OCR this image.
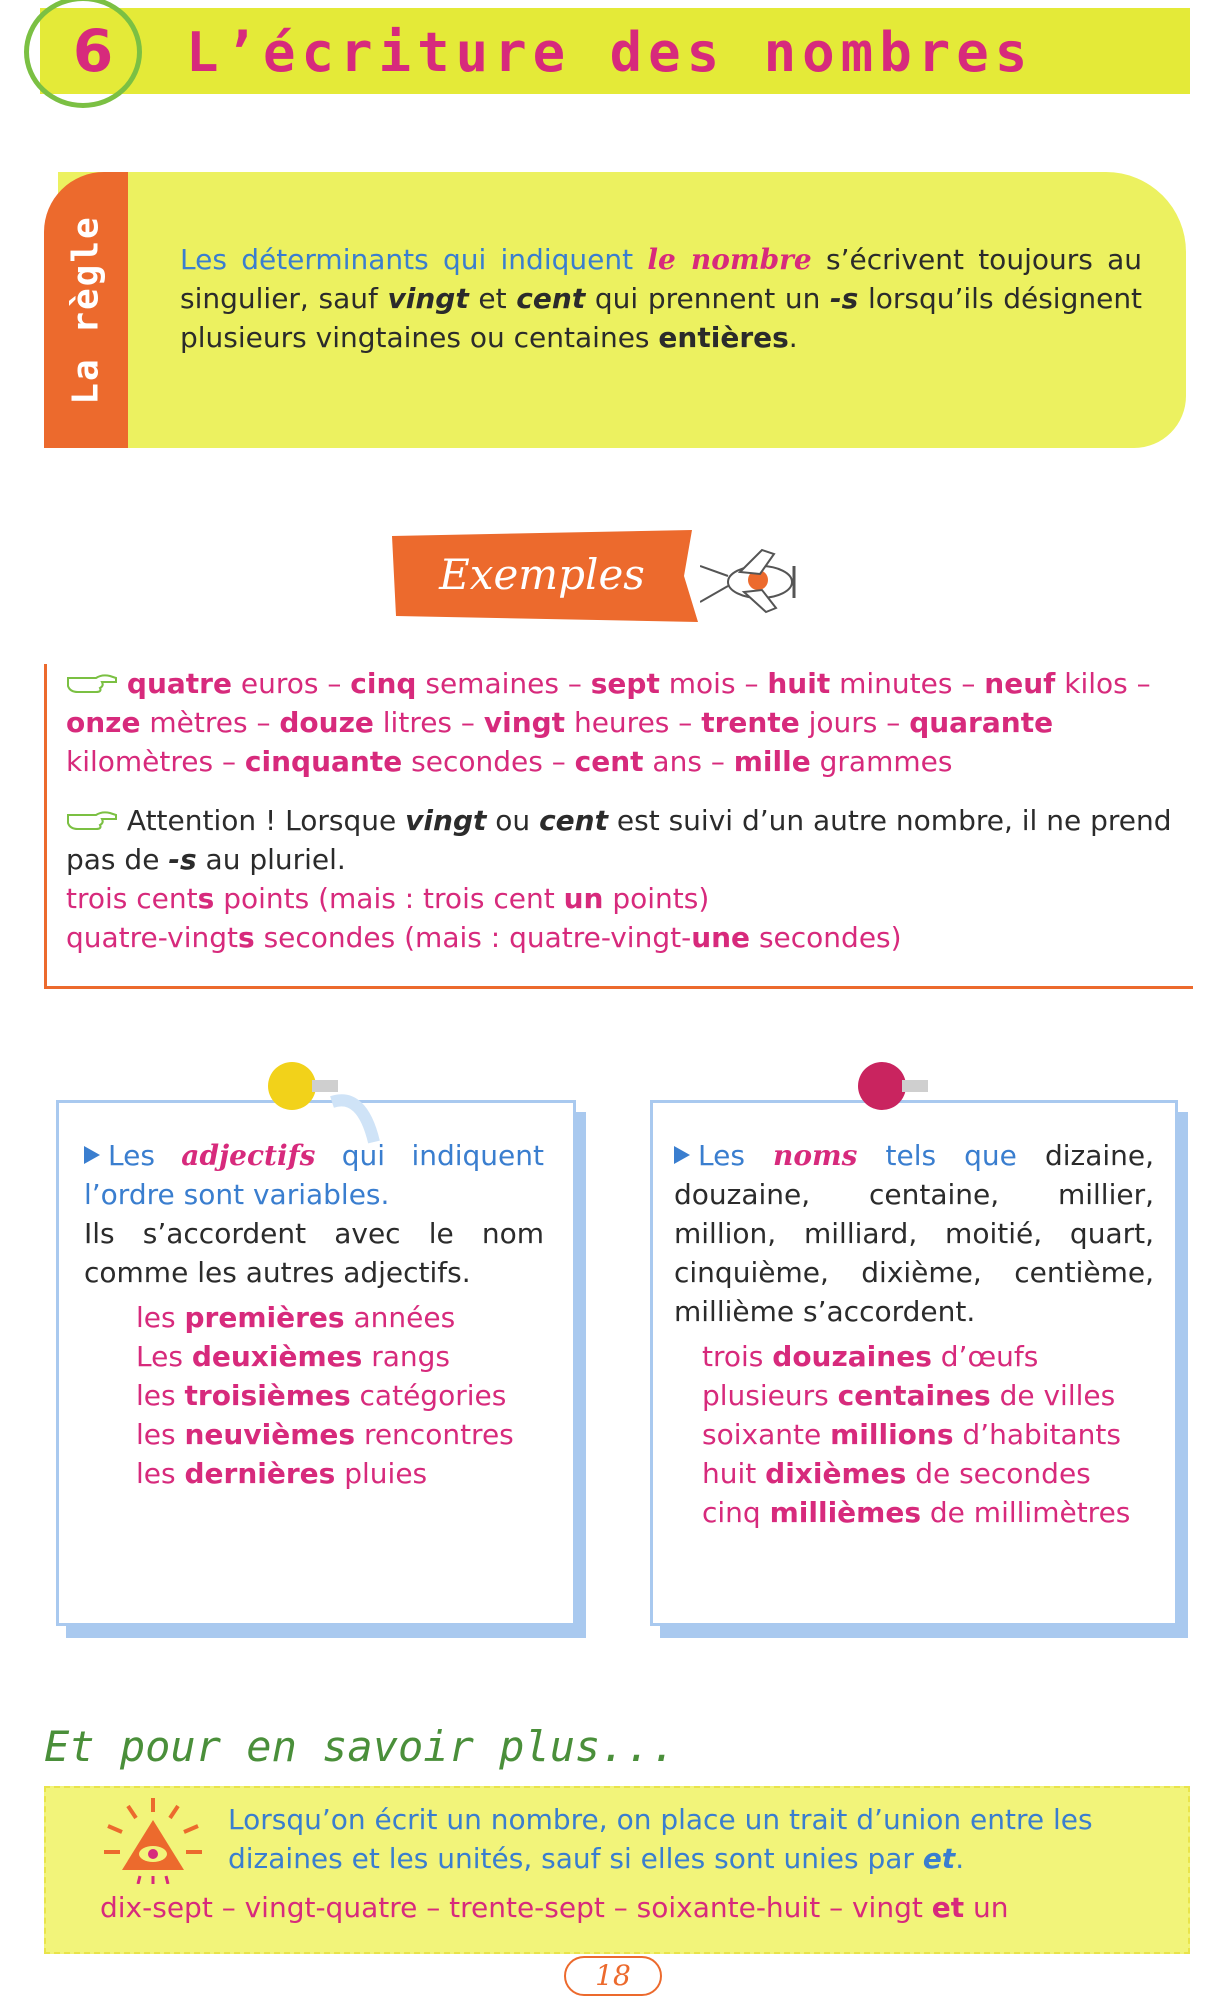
6 L’écriture des nombres
La règle	Les déterminants qui indiquent le nombre s’écrivent toujours au singulier, sauf vingt et cent qui prennent un -s lorsqu’ils désignent plusieurs vingtaines ou centaines entières.
Exemples

quatre euros – cinq semaines – sept mois – huit minutes – neuf kilos – onze mètres – douze litres – vingt heures – trente jours – quarante kilomètres – cinquante secondes – cent ans – mille grammes

Attention ! Lorsque vingt ou cent est suivi d’un autre nombre, il ne prend pas de -s au pluriel.

trois cents points (mais : trois cent un points)

quatre-vingts secondes (mais : quatre-vingt-une secondes)

Les adjectifs qui indiquent l’ordre sont variables.
Ils s’accordent avec le nom comme les autres adjectifs.
les premières années
Les deuxièmes rangs
les troisièmes catégories
les neuvièmes rencontres
les dernières pluies
Les noms tels que dizaine, douzaine, centaine, millier, million, milliard, moitié, quart, cinquième, dixième, centième, millième s’accordent.
trois douzaines d’œufs
plusieurs centaines de villes
soixante millions d’habitants
huit dixièmes de secondes
cinq millièmes de millimètres
Et pour en savoir plus...
Lorsqu’on écrit un nombre, on place un trait d’union entre les dizaines et les unités, sauf si elles sont unies par et.
dix-sept – vingt-quatre – trente-sept – soixante-huit – vingt et un
18
